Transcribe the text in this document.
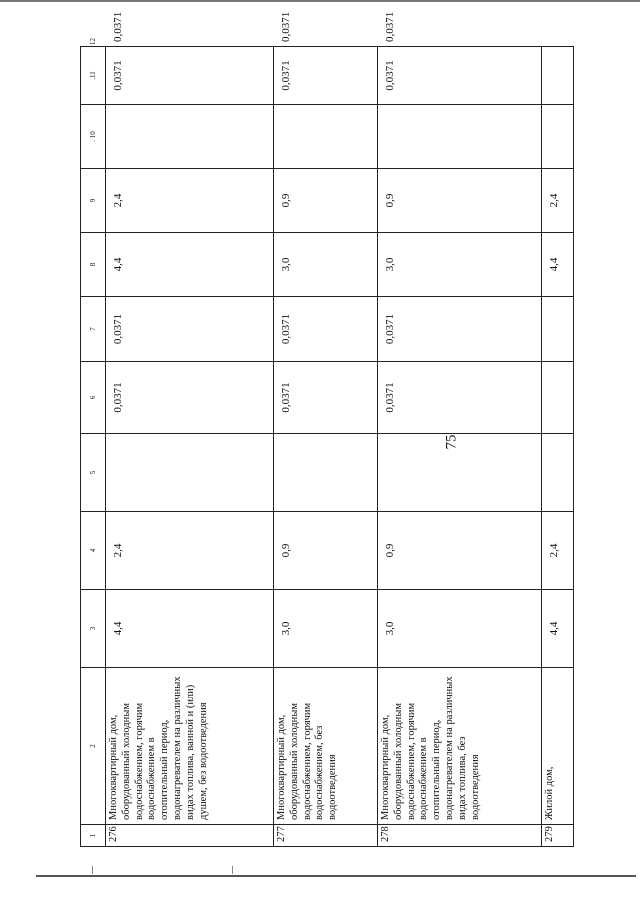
75
1	2	3	4	5	6	7	8	9	. 10	.11	12
276	Многоквартирный дом, оборудованный холодным водоснабжением, горячим водоснабжением в отопительный период, водонагревателем на различных видах топлива, ванной и (или) душем, без водоотведения	4,4	2,4		0,0371	0,0371	4,4	2,4		0,0371	0,0371
277	Многоквартирный дом, оборудованный холодным водоснабжением, горячим водоснабжением, без водоотведения	3,0	0,9		0,0371	0,0371	3,0	0,9		0,0371	0,0371
278	Многоквартирный дом, оборудованный холодным водоснабжением, горячим водоснабжением в отопительный период, водонагревателем на различных видах топлива, без водоотведения	3,0	0,9		0,0371	0,0371	3,0	0,9		0,0371	0,0371
279	Жилой дом,	4,4	2,4				4,4	2,4			
